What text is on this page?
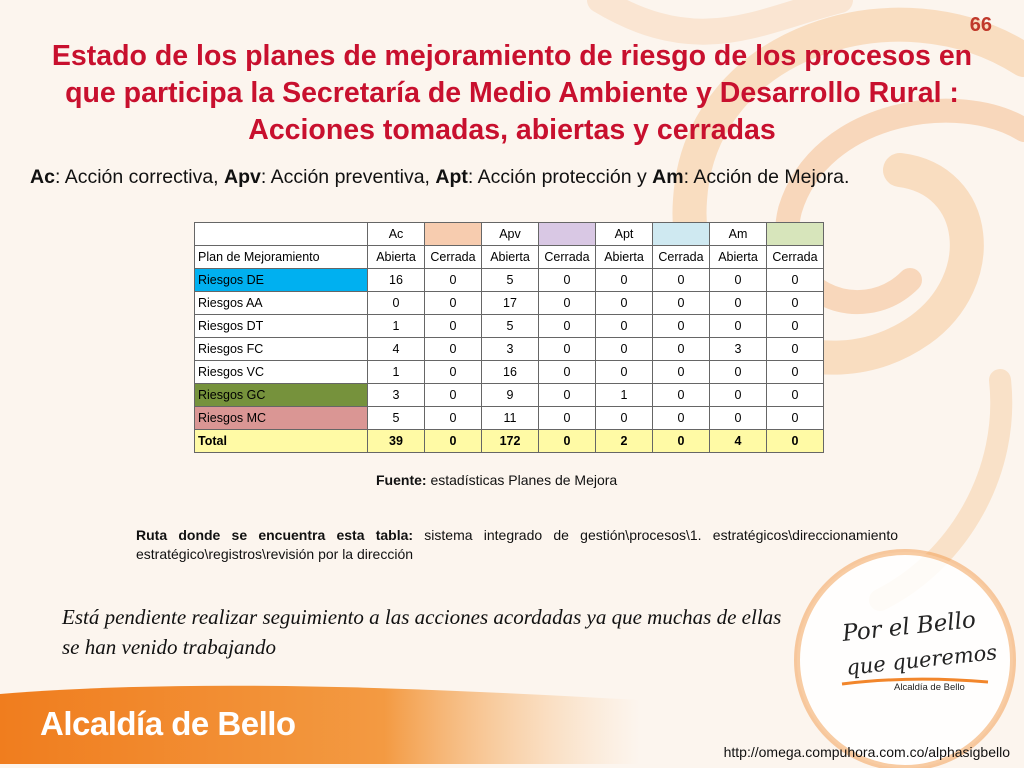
66
Estado de los planes de mejoramiento de riesgo de los procesos en que participa la Secretaría de Medio Ambiente y Desarrollo Rural : Acciones tomadas, abiertas y cerradas
Ac: Acción correctiva, Apv: Acción preventiva, Apt: Acción protección y Am: Acción de Mejora.
	Ac		Apv		Apt		Am	
Plan de Mejoramiento	Abierta	Cerrada	Abierta	Cerrada	Abierta	Cerrada	Abierta	Cerrada
Riesgos DE	16	0	5	0	0	0	0	0
Riesgos AA	0	0	17	0	0	0	0	0
Riesgos DT	1	0	5	0	0	0	0	0
Riesgos FC	4	0	3	0	0	0	3	0
Riesgos VC	1	0	16	0	0	0	0	0
Riesgos GC	3	0	9	0	1	0	0	0
Riesgos MC	5	0	11	0	0	0	0	0
Total	39	0	172	0	2	0	4	0
Fuente: estadísticas Planes de Mejora
Ruta donde se encuentra esta tabla: sistema integrado de gestión\procesos\1. estratégicos\direccionamiento estratégico\registros\revisión por la dirección
Está pendiente realizar seguimiento a las acciones acordadas ya que muchas de ellas se han venido trabajando
Por el Bello
que queremos
Alcaldía de Bello
Alcaldía de Bello
http://omega.compuhora.com.co/alphasigbello
